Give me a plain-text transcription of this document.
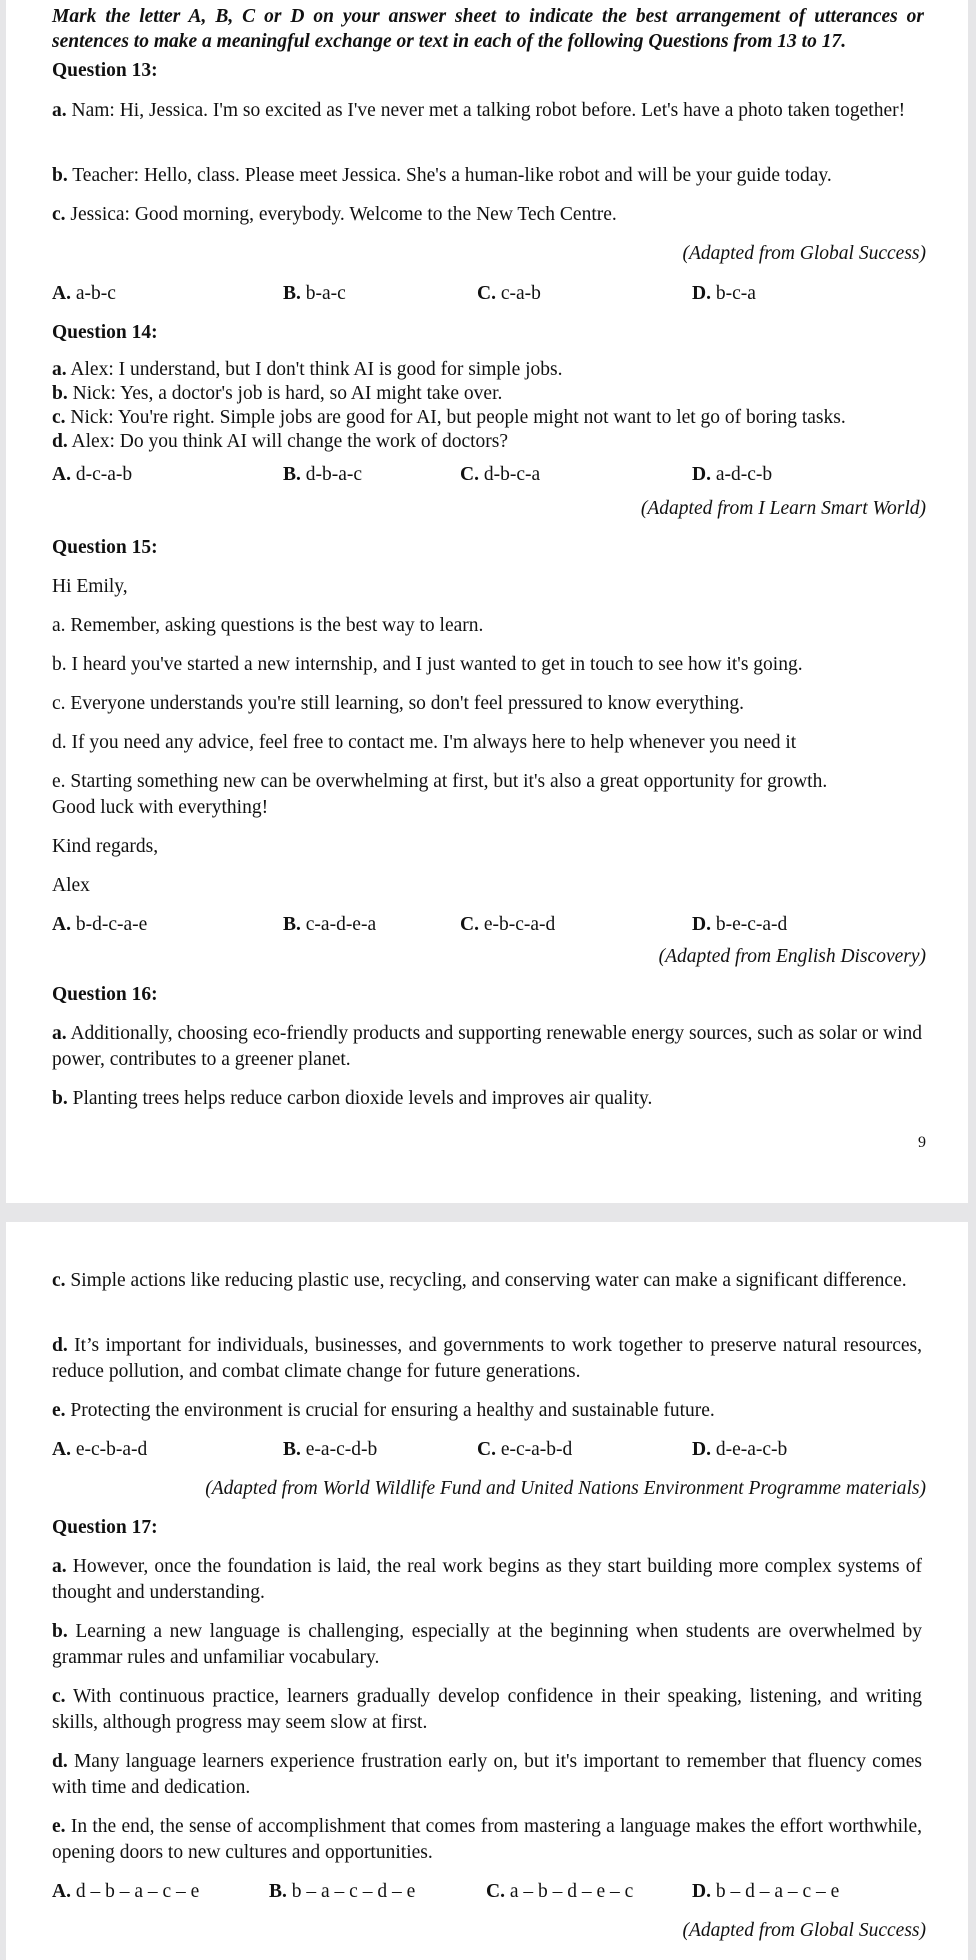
Mark the letter A, B, C or D on your answer sheet to indicate the best arrangement of utterances or sentences to make a meaningful exchange or text in each of the following Questions from 13 to 17.
Question 13:
a. Nam: Hi, Jessica. I'm so excited as I've never met a talking robot before. Let's have a photo taken together!
b. Teacher: Hello, class. Please meet Jessica. She's a human-like robot and will be your guide today.
c. Jessica: Good morning, everybody. Welcome to the New Tech Centre.
(Adapted from Global Success)
A. a-b-c	B. b-a-c	C. c-a-b	D. b-c-a
Question 14:
a. Alex: I understand, but I don't think AI is good for simple jobs.
b. Nick: Yes, a doctor's job is hard, so AI might take over.
c. Nick: You're right. Simple jobs are good for AI, but people might not want to let go of boring tasks.
d. Alex: Do you think AI will change the work of doctors?
A. d-c-a-b	B. d-b-a-c	C. d-b-c-a	D. a-d-c-b
(Adapted from I Learn Smart World)
Question 15:
Hi Emily,
a. Remember, asking questions is the best way to learn.
b. I heard you've started a new internship, and I just wanted to get in touch to see how it's going.
c. Everyone understands you're still learning, so don't feel pressured to know everything.
d. If you need any advice, feel free to contact me. I'm always here to help whenever you need it
e. Starting something new can be overwhelming at first, but it's also a great opportunity for growth.
Good luck with everything!
Kind regards,
Alex
A. b-d-c-a-e	B. c-a-d-e-a	C. e-b-c-a-d	D. b-e-c-a-d
(Adapted from English Discovery)
Question 16:
a. Additionally, choosing eco-friendly products and supporting renewable energy sources, such as solar or wind power, contributes to a greener planet.
b. Planting trees helps reduce carbon dioxide levels and improves air quality.
9
c. Simple actions like reducing plastic use, recycling, and conserving water can make a significant difference.
d. It’s important for individuals, businesses, and governments to work together to preserve natural resources, reduce pollution, and combat climate change for future generations.
e. Protecting the environment is crucial for ensuring a healthy and sustainable future.
A. e-c-b-a-d	B. e-a-c-d-b	C. e-c-a-b-d	D. d-e-a-c-b
(Adapted from World Wildlife Fund and United Nations Environment Programme materials)
Question 17:
a. However, once the foundation is laid, the real work begins as they start building more complex systems of thought and understanding.
b. Learning a new language is challenging, especially at the beginning when students are overwhelmed by grammar rules and unfamiliar vocabulary.
c. With continuous practice, learners gradually develop confidence in their speaking, listening, and writing skills, although progress may seem slow at first.
d. Many language learners experience frustration early on, but it's important to remember that fluency comes with time and dedication.
e. In the end, the sense of accomplishment that comes from mastering a language makes the effort worthwhile, opening doors to new cultures and opportunities.
A. d – b – a – c – e	B. b – a – c – d – e	C. a – b – d – e – c	D. b – d – a – c – e
(Adapted from Global Success)
